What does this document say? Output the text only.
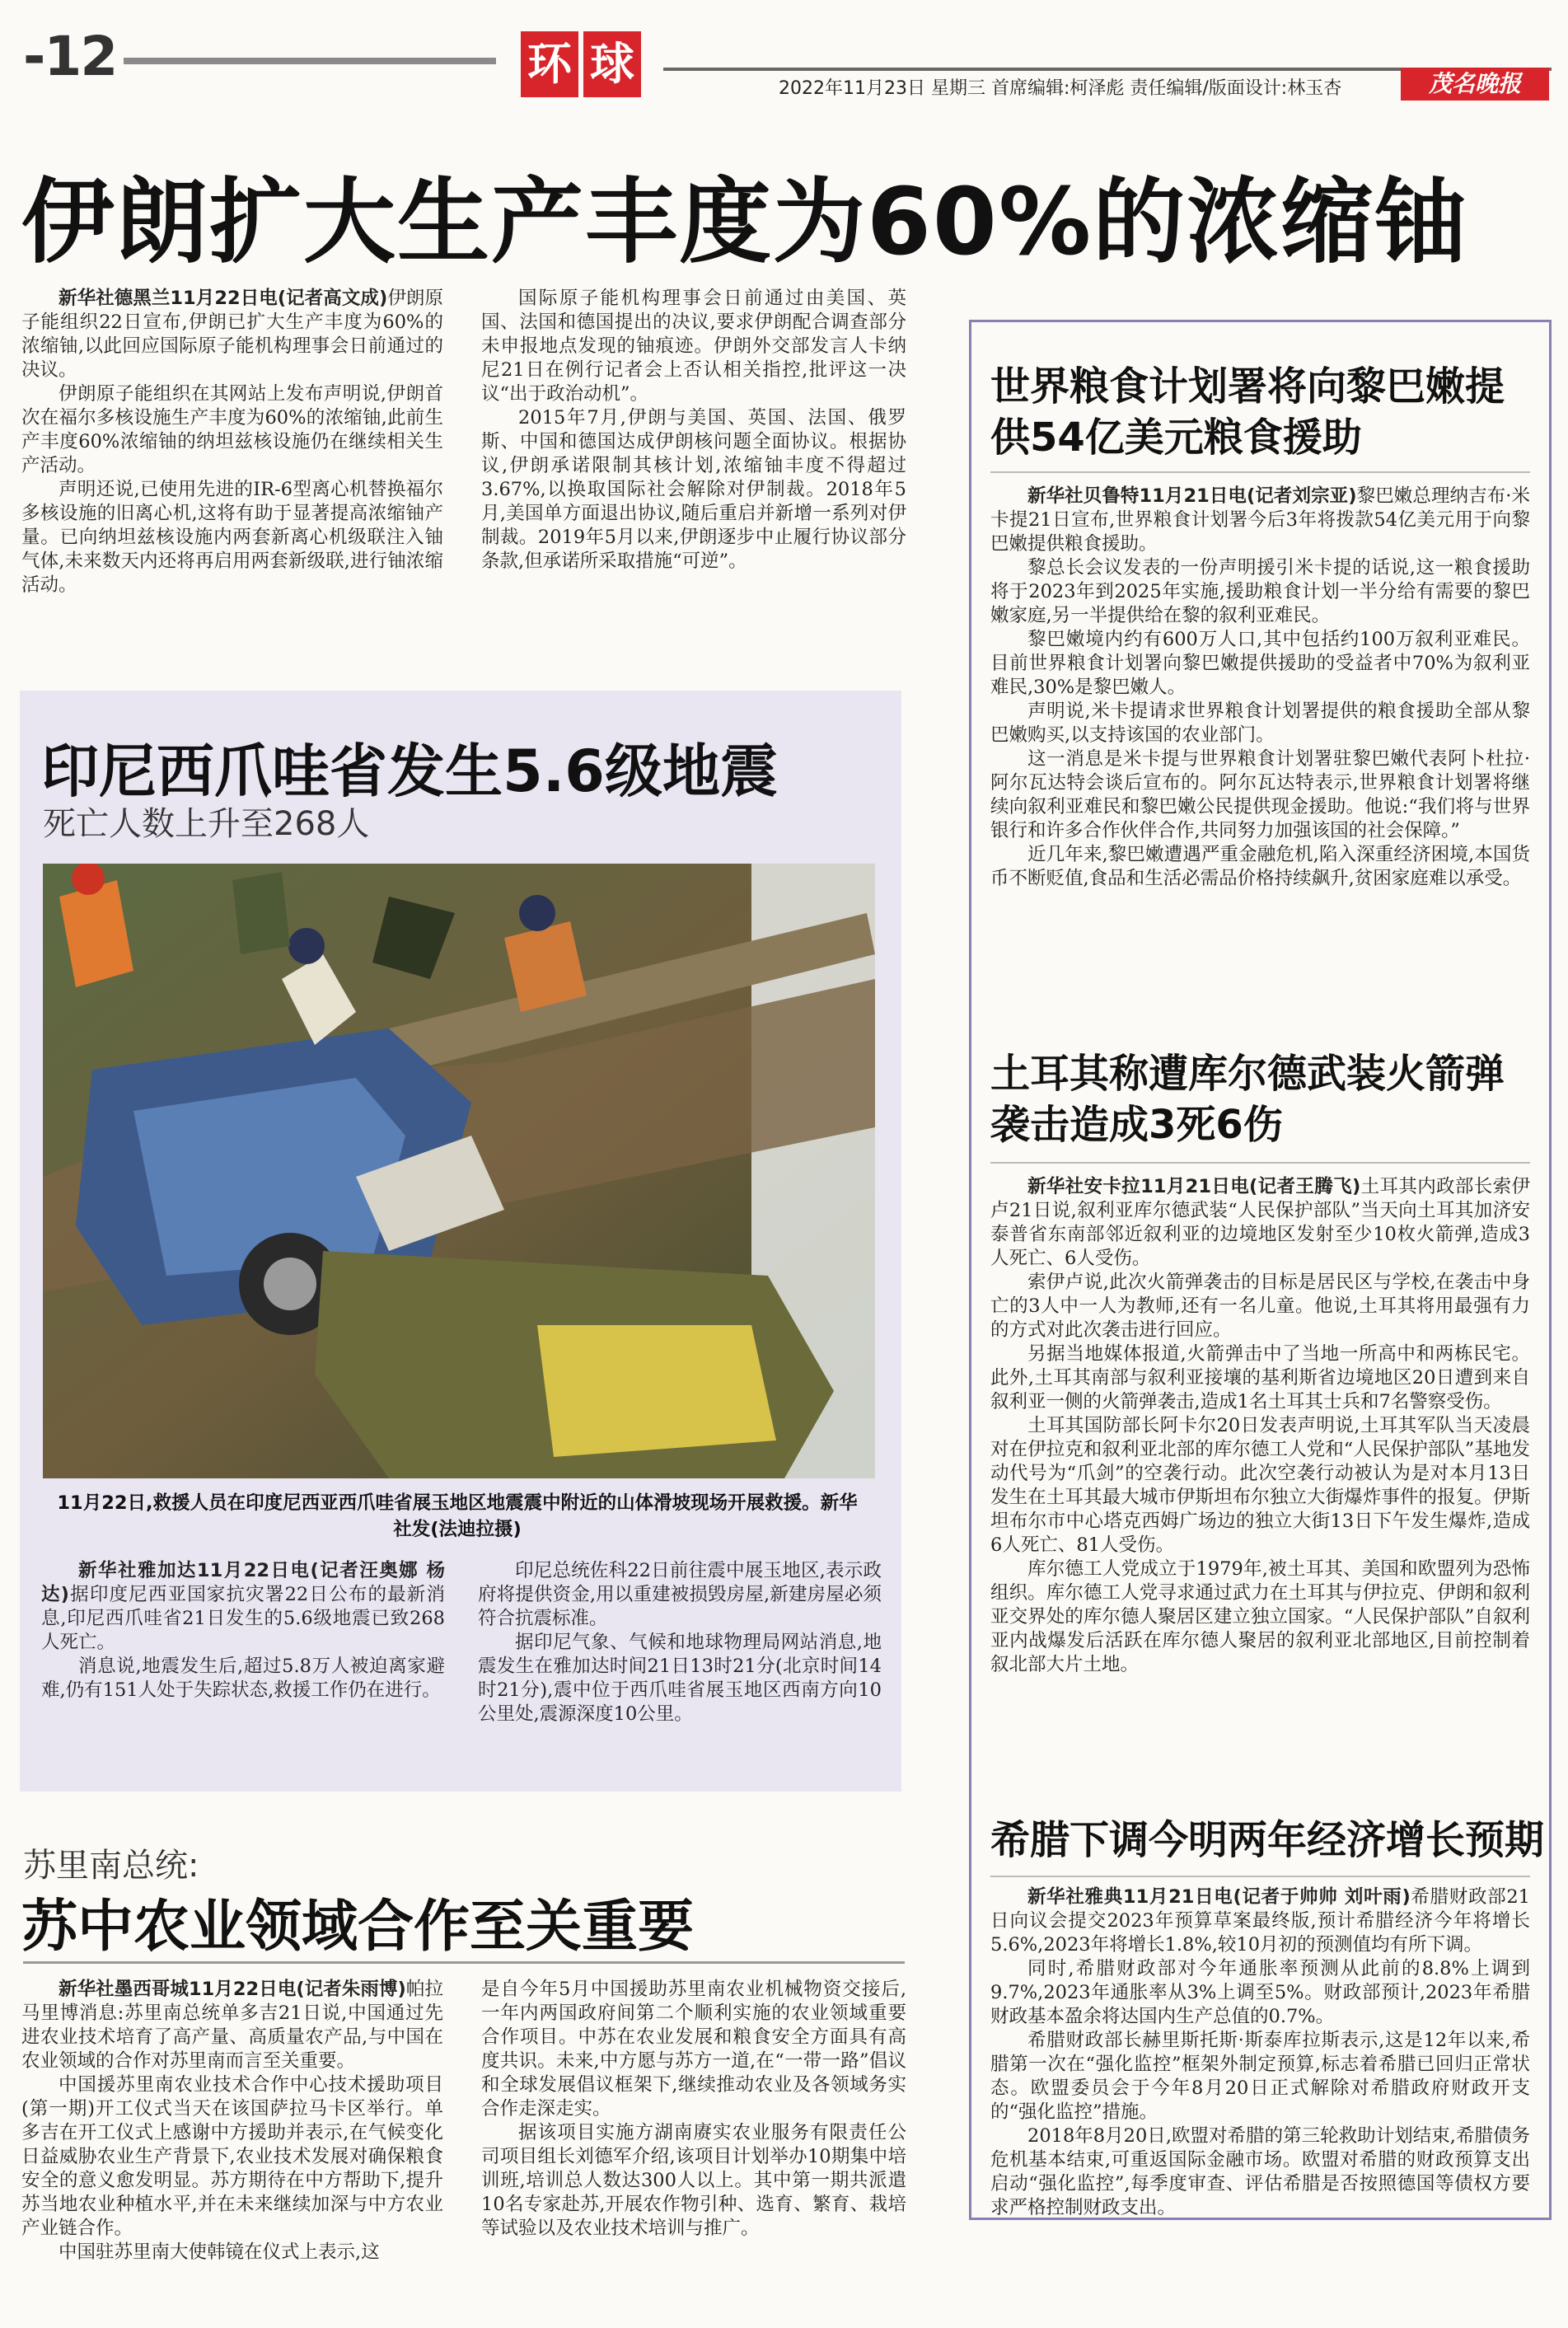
-12	环 球	2022年11月23日 星期三 首席编辑:柯泽彪 责任编辑/版面设计:林玉杏	茂名晚报
伊朗扩大生产丰度为60%的浓缩铀

新华社德黑兰11月22日电(记者高文成)伊朗原子能组织22日宣布,伊朗已扩大生产丰度为60%的浓缩铀,以此回应国际原子能机构理事会日前通过的决议。

伊朗原子能组织在其网站上发布声明说,伊朗首次在福尔多核设施生产丰度为60%的浓缩铀,此前生产丰度60%浓缩铀的纳坦兹核设施仍在继续相关生产活动。

声明还说,已使用先进的IR-6型离心机替换福尔多核设施的旧离心机,这将有助于显著提高浓缩铀产量。已向纳坦兹核设施内两套新离心机级联注入铀气体,未来数天内还将再启用两套新级联,进行铀浓缩活动。

国际原子能机构理事会日前通过由美国、英国、法国和德国提出的决议,要求伊朗配合调查部分未申报地点发现的铀痕迹。伊朗外交部发言人卡纳尼21日在例行记者会上否认相关指控,批评这一决议“出于政治动机”。

2015年7月,伊朗与美国、英国、法国、俄罗斯、中国和德国达成伊朗核问题全面协议。根据协议,伊朗承诺限制其核计划,浓缩铀丰度不得超过3.67%,以换取国际社会解除对伊制裁。2018年5月,美国单方面退出协议,随后重启并新增一系列对伊制裁。2019年5月以来,伊朗逐步中止履行协议部分条款,但承诺所采取措施“可逆”。

印尼西爪哇省发生5.6级地震
死亡人数上升至268人
11月22日,救援人员在印度尼西亚西爪哇省展玉地区地震震中附近的山体滑坡现场开展救援。新华社发(法迪拉摄)

新华社雅加达11月22日电(记者汪奥娜 杨达)据印度尼西亚国家抗灾署22日公布的最新消息,印尼西爪哇省21日发生的5.6级地震已致268人死亡。

消息说,地震发生后,超过5.8万人被迫离家避难,仍有151人处于失踪状态,救援工作仍在进行。

印尼总统佐科22日前往震中展玉地区,表示政府将提供资金,用以重建被损毁房屋,新建房屋必须符合抗震标准。

据印尼气象、气候和地球物理局网站消息,地震发生在雅加达时间21日13时21分(北京时间14时21分),震中位于西爪哇省展玉地区西南方向10公里处,震源深度10公里。

苏里南总统:
苏中农业领域合作至关重要

新华社墨西哥城11月22日电(记者朱雨博)帕拉马里博消息:苏里南总统单多吉21日说,中国通过先进农业技术培育了高产量、高质量农产品,与中国在农业领域的合作对苏里南而言至关重要。

中国援苏里南农业技术合作中心技术援助项目(第一期)开工仪式当天在该国萨拉马卡区举行。单多吉在开工仪式上感谢中方援助并表示,在气候变化日益威胁农业生产背景下,农业技术发展对确保粮食安全的意义愈发明显。苏方期待在中方帮助下,提升苏当地农业种植水平,并在未来继续加深与中方农业产业链合作。

中国驻苏里南大使韩镜在仪式上表示,这

是自今年5月中国援助苏里南农业机械物资交接后,一年内两国政府间第二个顺利实施的农业领域重要合作项目。中苏在农业发展和粮食安全方面具有高度共识。未来,中方愿与苏方一道,在“一带一路”倡议和全球发展倡议框架下,继续推动农业及各领域务实合作走深走实。

据该项目实施方湖南赓实农业服务有限责任公司项目组长刘德军介绍,该项目计划举办10期集中培训班,培训总人数达300人以上。其中第一期共派遣10名专家赴苏,开展农作物引种、选育、繁育、栽培等试验以及农业技术培训与推广。

世界粮食计划署将向黎巴嫩提供54亿美元粮食援助

新华社贝鲁特11月21日电(记者刘宗亚)黎巴嫩总理纳吉布·米卡提21日宣布,世界粮食计划署今后3年将拨款54亿美元用于向黎巴嫩提供粮食援助。

黎总长会议发表的一份声明援引米卡提的话说,这一粮食援助将于2023年到2025年实施,援助粮食计划一半分给有需要的黎巴嫩家庭,另一半提供给在黎的叙利亚难民。

黎巴嫩境内约有600万人口,其中包括约100万叙利亚难民。目前世界粮食计划署向黎巴嫩提供援助的受益者中70%为叙利亚难民,30%是黎巴嫩人。

声明说,米卡提请求世界粮食计划署提供的粮食援助全部从黎巴嫩购买,以支持该国的农业部门。

这一消息是米卡提与世界粮食计划署驻黎巴嫩代表阿卜杜拉·阿尔瓦达特会谈后宣布的。阿尔瓦达特表示,世界粮食计划署将继续向叙利亚难民和黎巴嫩公民提供现金援助。他说:“我们将与世界银行和许多合作伙伴合作,共同努力加强该国的社会保障。”

近几年来,黎巴嫩遭遇严重金融危机,陷入深重经济困境,本国货币不断贬值,食品和生活必需品价格持续飙升,贫困家庭难以承受。

土耳其称遭库尔德武装火箭弹袭击造成3死6伤

新华社安卡拉11月21日电(记者王腾飞)土耳其内政部长索伊卢21日说,叙利亚库尔德武装“人民保护部队”当天向土耳其加济安泰普省东南部邻近叙利亚的边境地区发射至少10枚火箭弹,造成3人死亡、6人受伤。

索伊卢说,此次火箭弹袭击的目标是居民区与学校,在袭击中身亡的3人中一人为教师,还有一名儿童。他说,土耳其将用最强有力的方式对此次袭击进行回应。

另据当地媒体报道,火箭弹击中了当地一所高中和两栋民宅。此外,土耳其南部与叙利亚接壤的基利斯省边境地区20日遭到来自叙利亚一侧的火箭弹袭击,造成1名土耳其士兵和7名警察受伤。

土耳其国防部长阿卡尔20日发表声明说,土耳其军队当天凌晨对在伊拉克和叙利亚北部的库尔德工人党和“人民保护部队”基地发动代号为“爪剑”的空袭行动。此次空袭行动被认为是对本月13日发生在土耳其最大城市伊斯坦布尔独立大街爆炸事件的报复。伊斯坦布尔市中心塔克西姆广场边的独立大街13日下午发生爆炸,造成6人死亡、81人受伤。

库尔德工人党成立于1979年,被土耳其、美国和欧盟列为恐怖组织。库尔德工人党寻求通过武力在土耳其与伊拉克、伊朗和叙利亚交界处的库尔德人聚居区建立独立国家。“人民保护部队”自叙利亚内战爆发后活跃在库尔德人聚居的叙利亚北部地区,目前控制着叙北部大片土地。

希腊下调今明两年经济增长预期

新华社雅典11月21日电(记者于帅帅 刘叶雨)希腊财政部21日向议会提交2023年预算草案最终版,预计希腊经济今年将增长5.6%,2023年将增长1.8%,较10月初的预测值均有所下调。

同时,希腊财政部对今年通胀率预测从此前的8.8%上调到9.7%,2023年通胀率从3%上调至5%。财政部预计,2023年希腊财政基本盈余将达国内生产总值的0.7%。

希腊财政部长赫里斯托斯·斯泰库拉斯表示,这是12年以来,希腊第一次在“强化监控”框架外制定预算,标志着希腊已回归正常状态。欧盟委员会于今年8月20日正式解除对希腊政府财政开支的“强化监控”措施。

2018年8月20日,欧盟对希腊的第三轮救助计划结束,希腊债务危机基本结束,可重返国际金融市场。欧盟对希腊的财政预算支出启动“强化监控”,每季度审查、评估希腊是否按照德国等债权方要求严格控制财政支出。
